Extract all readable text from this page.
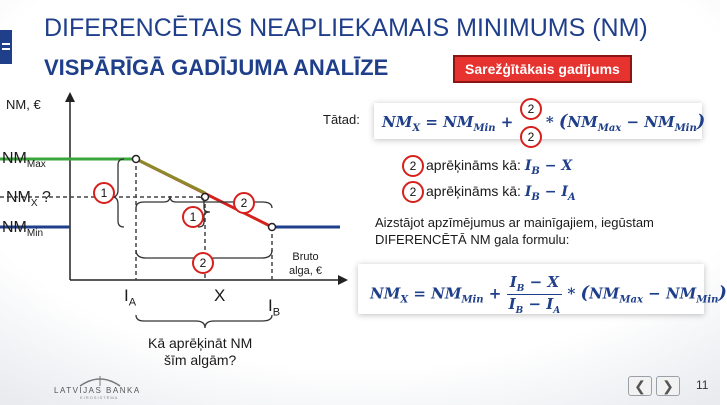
DIFERENCĒTAIS NEAPLIEKAMAIS MINIMUMS (NM)
VISPĀRĪGĀ GADĪJUMA ANALĪZE	Sarežģītākais gadījums
NM, €
$NM_{Max}$
$NM_X$ ?
$NM_{Min}$
$I_A$	X
$I_B$
Bruto
alga, €
Kā aprēķināt NM
šīm algām?
1
2
1
2
Tātad: $NM_X = NM_{Min}$ +  * $(NM_{Max} - NM_{Min})$
2
2
2 aprēķināms kā: $I_B - X$
2 aprēķināms kā: $I_B - I_A$
Aizstājot apzīmējumus ar mainīgajiem, iegūstam
DIFERENCĒTĀ NM gala formulu:
$NM_X = NM_{Min} + \frac{I_B - X}{I_B - I_A} * (NM_{Max} - NM_{Min})$
LATVIJAS BANKA
EIROSISTĒMA
❮	❯	11
